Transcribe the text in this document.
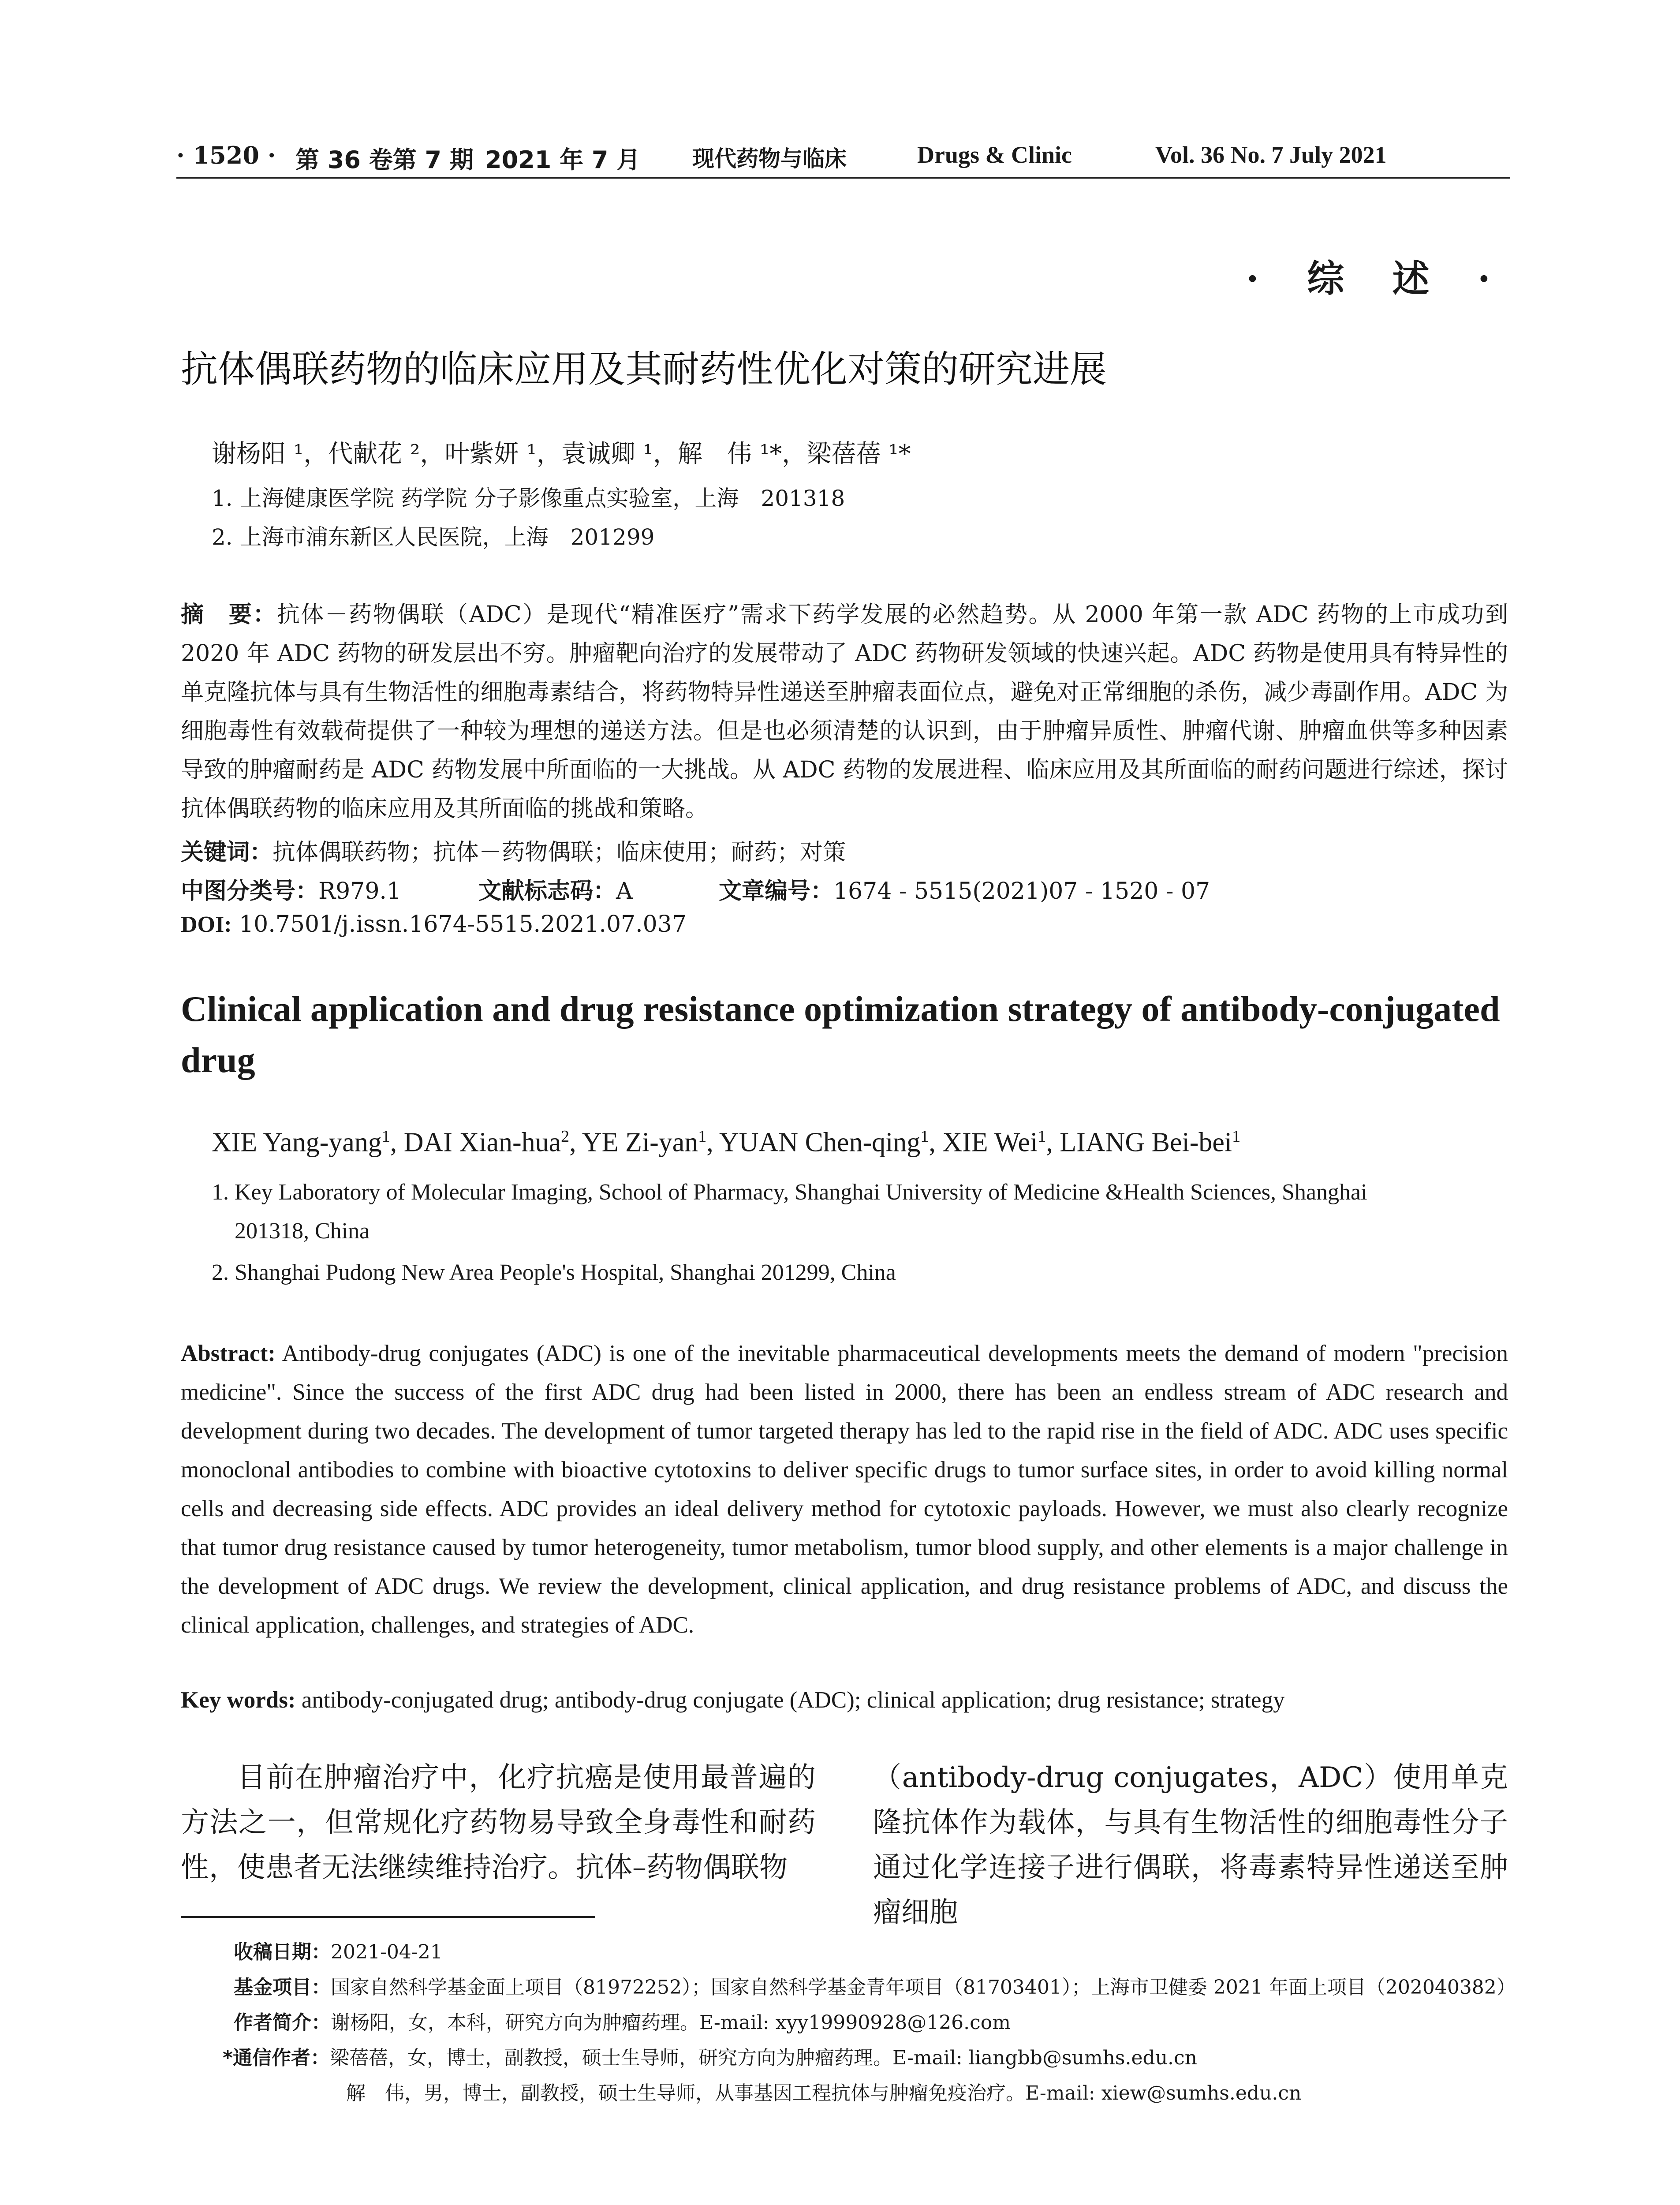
· 1520 · 第 36 卷第 7 期 2021 年 7 月 现代药物与临床	Drugs & Clinic	Vol. 36 No. 7 July 2021
· 综 述 ·
抗体偶联药物的临床应用及其耐药性优化对策的研究进展
谢杨阳 ¹，代献花 ²，叶紫妍 ¹，袁诚卿 ¹，解　伟 ¹*，梁蓓蓓 ¹*
1. 上海健康医学院 药学院 分子影像重点实验室，上海　201318
2. 上海市浦东新区人民医院，上海　201299
摘　要：抗体－药物偶联（ADC）是现代“精准医疗”需求下药学发展的必然趋势。从 2000 年第一款 ADC 药物的上市成功到 2020 年 ADC 药物的研发层出不穷。肿瘤靶向治疗的发展带动了 ADC 药物研发领域的快速兴起。ADC 药物是使用具有特异性的单克隆抗体与具有生物活性的细胞毒素结合，将药物特异性递送至肿瘤表面位点，避免对正常细胞的杀伤，减少毒副作用。ADC 为细胞毒性有效载荷提供了一种较为理想的递送方法。但是也必须清楚的认识到，由于肿瘤异质性、肿瘤代谢、肿瘤血供等多种因素导致的肿瘤耐药是 ADC 药物发展中所面临的一大挑战。从 ADC 药物的发展进程、临床应用及其所面临的耐药问题进行综述，探讨抗体偶联药物的临床应用及其所面临的挑战和策略。
关键词：抗体偶联药物；抗体－药物偶联；临床使用；耐药；对策
中图分类号：R979.1	文献标志码：A	文章编号：1674 - 5515(2021)07 - 1520 - 07
DOI: 10.7501/j.issn.1674-5515.2021.07.037
Clinical application and drug resistance optimization strategy of antibody-conjugated drug
XIE Yang-yang$^1$, DAI Xian-hua$^2$, YE Zi-yan$^1$, YUAN Chen-qing$^1$, XIE Wei$^1$, LIANG Bei-bei$^1$
1. Key Laboratory of Molecular Imaging, School of Pharmacy, Shanghai University of Medicine &Health Sciences, Shanghai
201318, China
2. Shanghai Pudong New Area People's Hospital, Shanghai 201299, China
Abstract: Antibody-drug conjugates (ADC) is one of the inevitable pharmaceutical developments meets the demand of modern "precision medicine". Since the success of the first ADC drug had been listed in 2000, there has been an endless stream of ADC research and development during two decades. The development of tumor targeted therapy has led to the rapid rise in the field of ADC. ADC uses specific monoclonal antibodies to combine with bioactive cytotoxins to deliver specific drugs to tumor surface sites, in order to avoid killing normal cells and decreasing side effects. ADC provides an ideal delivery method for cytotoxic payloads. However, we must also clearly recognize that tumor drug resistance caused by tumor heterogeneity, tumor metabolism, tumor blood supply, and other elements is a major challenge in the development of ADC drugs. We review the development, clinical application, and drug resistance problems of ADC, and discuss the clinical application, challenges, and strategies of ADC.
Key words: antibody-conjugated drug; antibody-drug conjugate (ADC); clinical application; drug resistance; strategy
目前在肿瘤治疗中，化疗抗癌是使用最普遍的方法之一，但常规化疗药物易导致全身毒性和耐药性，使患者无法继续维持治疗。抗体–药物偶联物
（antibody-drug conjugates，ADC）使用单克隆抗体作为载体，与具有生物活性的细胞毒性分子通过化学连接子进行偶联，将毒素特异性递送至肿瘤细胞
收稿日期：2021-04-21
基金项目：国家自然科学基金面上项目（81972252）；国家自然科学基金青年项目（81703401）；上海市卫健委 2021 年面上项目（202040382）
作者简介：谢杨阳，女，本科，研究方向为肿瘤药理。E-mail: xyy19990928@126.com
*通信作者：梁蓓蓓，女，博士，副教授，硕士生导师，研究方向为肿瘤药理。E-mail: liangbb@sumhs.edu.cn
解　伟，男，博士，副教授，硕士生导师，从事基因工程抗体与肿瘤免疫治疗。E-mail: xiew@sumhs.edu.cn
